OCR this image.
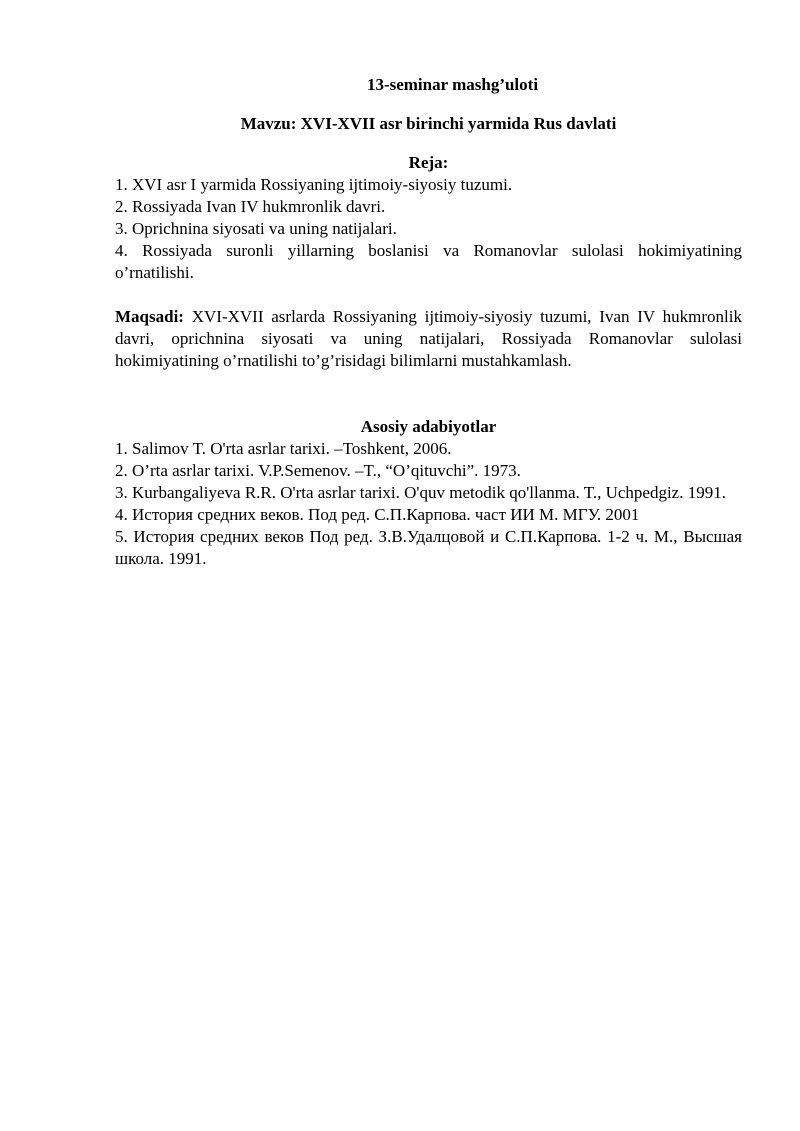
13-seminar mashg’uloti

Mavzu: XVI-XVII asr birinchi yarmida Rus davlati

Reja:

1. XVI asr I yarmida Rossiyaning ijtimoiy-siyosiy tuzumi.
2. Rossiyada Ivan IV hukmronlik davri.
3. Oprichnina siyosati va uning natijalari.
4. Rossiyada suronli yillarning boslanisi va Romanovlar sulolasi hokimiyatining o’rnatilishi.

Maqsadi: XVI-XVII asrlarda Rossiyaning ijtimoiy-siyosiy tuzumi, Ivan IV hukmronlik davri, oprichnina siyosati va uning natijalari, Rossiyada Romanovlar sulolasi hokimiyatining o’rnatilishi to’g’risidagi bilimlarni mustahkamlash.

Asosiy adabiyotlar

1. Salimov T. O'rta asrlar tarixi. –Toshkent, 2006.
2. O’rta asrlar tarixi. V.P.Semenov. –T., “O’qituvchi”. 1973.
3. Kurbangaliyeva R.R. O'rta asrlar tarixi. O'quv metodik qo'llanma. T., Uchpedgiz. 1991.
4. История средних веков. Под ред. С.П.Карпова. част ИИ М. МГУ. 2001
5. История средних веков Под ред. З.В.Удалцовой и С.П.Карпова. 1-2 ч. М., Высшая школа. 1991.
